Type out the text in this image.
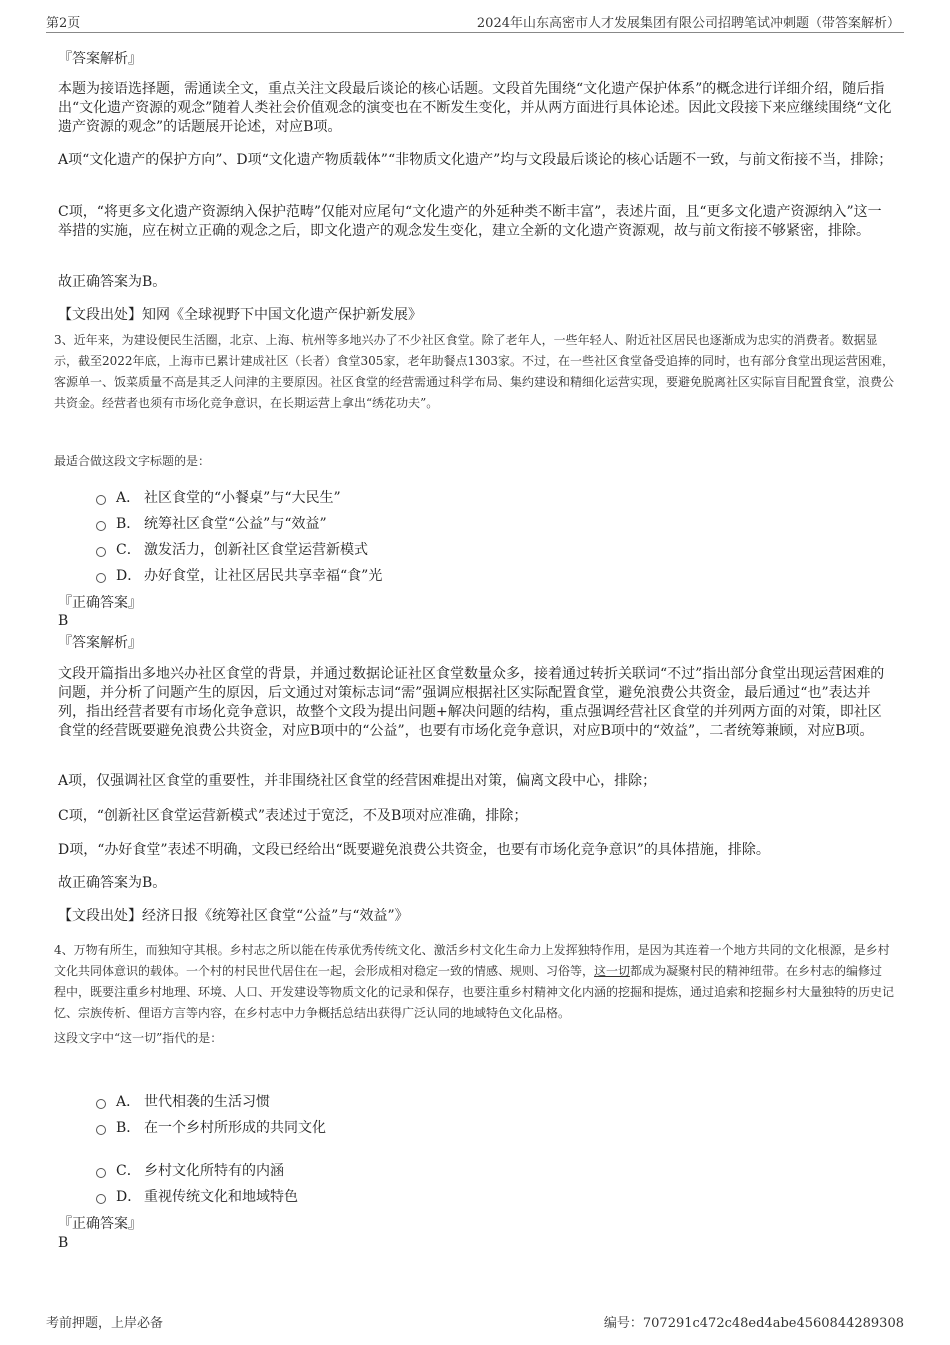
第2页	2024年山东高密市人才发展集团有限公司招聘笔试冲刺题（带答案解析）
『答案解析』
本题为接语选择题，需通读全文，重点关注文段最后谈论的核心话题。文段首先围绕“文化遗产保护体系”的概念进行详细介绍，随后指出“文化遗产资源的观念”随着人类社会价值观念的演变也在不断发生变化，并从两方面进行具体论述。因此文段接下来应继续围绕“文化遗产资源的观念”的话题展开论述，对应B项。
A项“文化遗产的保护方向”、D项“文化遗产物质载体”“非物质文化遗产”均与文段最后谈论的核心话题不一致，与前文衔接不当，排除；
C项，“将更多文化遗产资源纳入保护范畴”仅能对应尾句“文化遗产的外延种类不断丰富”，表述片面，且“更多文化遗产资源纳入”这一举措的实施，应在树立正确的观念之后，即文化遗产的观念发生变化，建立全新的文化遗产资源观，故与前文衔接不够紧密，排除。
故正确答案为B。
【文段出处】知网《全球视野下中国文化遗产保护新发展》
3、近年来，为建设便民生活圈，北京、上海、杭州等多地兴办了不少社区食堂。除了老年人，一些年轻人、附近社区居民也逐渐成为忠实的消费者。数据显示，截至2022年底，上海市已累计建成社区（长者）食堂305家，老年助餐点1303家。不过，在一些社区食堂备受追捧的同时，也有部分食堂出现运营困难，客源单一、饭菜质量不高是其乏人问津的主要原因。社区食堂的经营需通过科学布局、集约建设和精细化运营实现，要避免脱离社区实际盲目配置食堂，浪费公共资金。经营者也须有市场化竞争意识，在长期运营上拿出“绣花功夫”。
最适合做这段文字标题的是：
A． 社区食堂的“小餐桌”与“大民生”
B． 统筹社区食堂“公益”与“效益”
C． 激发活力，创新社区食堂运营新模式
D． 办好食堂，让社区居民共享幸福“食”光
『正确答案』
B
『答案解析』
文段开篇指出多地兴办社区食堂的背景，并通过数据论证社区食堂数量众多，接着通过转折关联词“不过”指出部分食堂出现运营困难的问题，并分析了问题产生的原因，后文通过对策标志词“需”强调应根据社区实际配置食堂，避免浪费公共资金，最后通过“也”表达并列，指出经营者要有市场化竞争意识，故整个文段为提出问题+解决问题的结构，重点强调经营社区食堂的并列两方面的对策，即社区食堂的经营既要避免浪费公共资金，对应B项中的“公益”，也要有市场化竞争意识，对应B项中的“效益”，二者统筹兼顾，对应B项。
A项，仅强调社区食堂的重要性，并非围绕社区食堂的经营困难提出对策，偏离文段中心，排除；
C项，“创新社区食堂运营新模式”表述过于宽泛，不及B项对应准确，排除；
D项，“办好食堂”表述不明确，文段已经给出“既要避免浪费公共资金，也要有市场化竞争意识”的具体措施，排除。
故正确答案为B。
【文段出处】经济日报《统筹社区食堂“公益”与“效益”》
4、万物有所生，而独知守其根。乡村志之所以能在传承优秀传统文化、激活乡村文化生命力上发挥独特作用，是因为其连着一个地方共同的文化根源，是乡村文化共同体意识的载体。一个村的村民世代居住在一起，会形成相对稳定一致的情感、规则、习俗等，这一切都成为凝聚村民的精神纽带。在乡村志的编修过程中，既要注重乡村地理、环境、人口、开发建设等物质文化的记录和保存，也要注重乡村精神文化内涵的挖掘和提炼，通过追索和挖掘乡村大量独特的历史记忆、宗族传析、俚语方言等内容，在乡村志中力争概括总结出获得广泛认同的地域特色文化品格。
这段文字中“这一切”指代的是：
A． 世代相袭的生活习惯
B． 在一个乡村所形成的共同文化
C． 乡村文化所特有的内涵
D． 重视传统文化和地域特色
『正确答案』
B
考前押题，上岸必备	编号：707291c472c48ed4abe4560844289308
